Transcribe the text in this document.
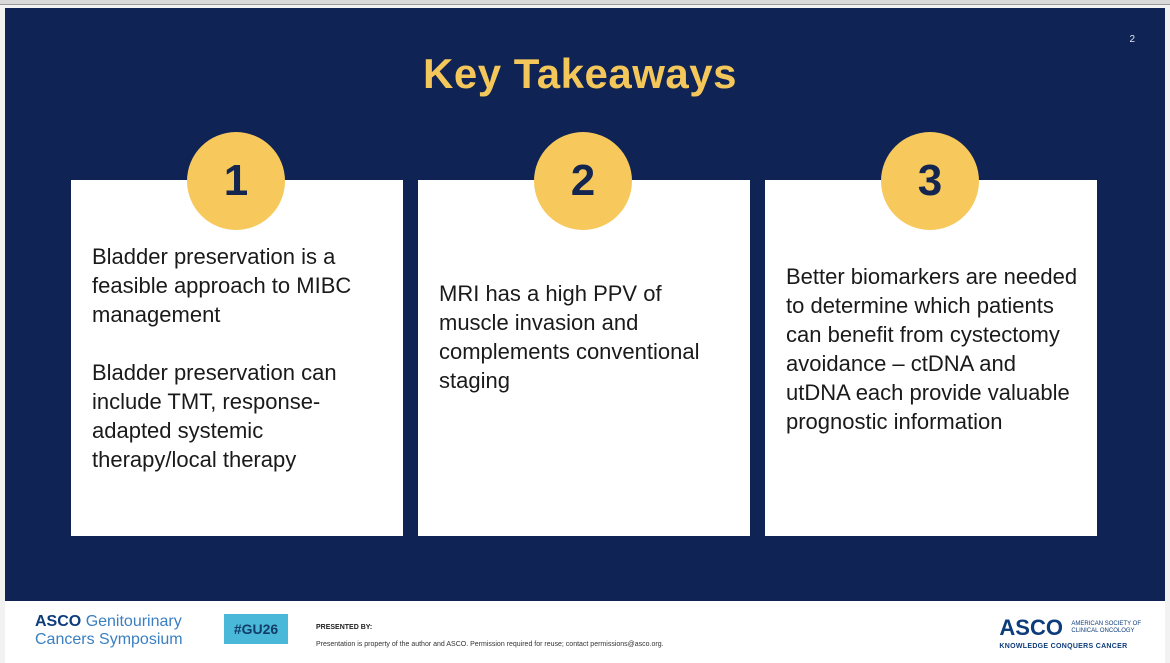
2
Key Takeaways
Bladder preservation is a feasible approach to MIBC management
Bladder preservation can include TMT, response-adapted systemic therapy/local therapy
MRI has a high PPV of muscle invasion and complements conventional staging
Better biomarkers are needed to determine which patients can benefit from cystectomy avoidance – ctDNA and utDNA each provide valuable prognostic information
1	2	3
ASCO Genitourinary
Cancers Symposium
#GU26	PRESENTED BY:
Presentation is property of the author and ASCO. Permission required for reuse; contact permissions@asco.org.
ASCO AMERICAN SOCIETY OF
CLINICAL ONCOLOGY
KNOWLEDGE CONQUERS CANCER
